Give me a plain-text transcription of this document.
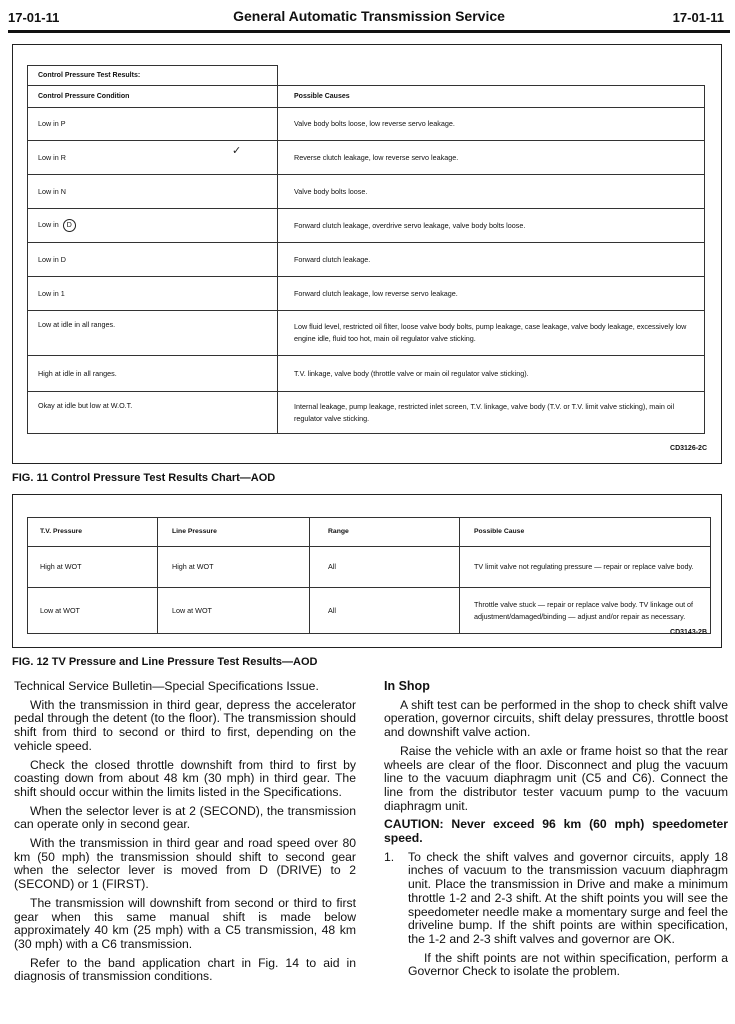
17-01-11	General Automatic Transmission Service	17-01-11
Control Pressure Test Results:	
Control Pressure Condition	Possible Causes
Low in P	Valve body bolts loose, low reverse servo leakage.
Low in R	Reverse clutch leakage, low reverse servo leakage.
Low in N	Valve body bolts loose.
Low in D	Forward clutch leakage, overdrive servo leakage, valve body bolts loose.
Low in D	Forward clutch leakage.
Low in 1	Forward clutch leakage, low reverse servo leakage.
Low at idle in all ranges.	Low fluid level, restricted oil filter, loose valve body bolts, pump leakage, case leakage, valve body leakage, excessively low engine idle, fluid too hot, main oil regulator valve sticking.
High at idle in all ranges.	T.V. linkage, valve body (throttle valve or main oil regulator valve sticking).
Okay at idle but low at W.O.T.	Internal leakage, pump leakage, restricted inlet screen, T.V. linkage, valve body (T.V. or T.V. limit valve sticking), main oil regulator valve sticking.
CD3126-2C
✓
FIG. 11 Control Pressure Test Results Chart—AOD
T.V. Pressure	Line Pressure	Range	Possible Cause
High at WOT	High at WOT	All	TV limit valve not regulating pressure — repair or replace valve body.
Low at WOT	Low at WOT	All	Throttle valve stuck — repair or replace valve body. TV linkage out of adjustment/damaged/binding — adjust and/or repair as necessary.
CD3143-2B
FIG. 12 TV Pressure and Line Pressure Test Results—AOD

Technical Service Bulletin—Special Specifications Issue.

With the transmission in third gear, depress the accelerator pedal through the detent (to the floor). The transmission should shift from third to second or third to first, depending on the vehicle speed.

Check the closed throttle downshift from third to first by coasting down from about 48 km (30 mph) in third gear. The shift should occur within the limits listed in the Specifications.

When the selector lever is at 2 (SECOND), the transmission can operate only in second gear.

With the transmission in third gear and road speed over 80 km (50 mph) the transmission should shift to second gear when the selector lever is moved from D (DRIVE) to 2 (SECOND) or 1 (FIRST).

The transmission will downshift from second or third to first gear when this same manual shift is made below approximately 40 km (25 mph) with a C5 transmission, 48 km (30 mph) with a C6 transmission.

Refer to the band application chart in Fig. 14 to aid in diagnosis of transmission conditions.

In Shop

A shift test can be performed in the shop to check shift valve operation, governor circuits, shift delay pressures, throttle boost and downshift valve action.

Raise the vehicle with an axle or frame hoist so that the rear wheels are clear of the floor. Disconnect and plug the vacuum line to the vacuum diaphragm unit (C5 and C6). Connect the line from the distributor tester vacuum pump to the vacuum diaphragm unit.

CAUTION: Never exceed 96 km (60 mph) speedometer speed.
1.	To check the shift valves and governor circuits, apply 18 inches of vacuum to the transmission vacuum diaphragm unit. Place the transmission in Drive and make a minimum throttle 1-2 and 2-3 shift. At the shift points you will see the speedometer needle make a momentary surge and feel the driveline bump. If the shift points are within specification, the 1-2 and 2-3 shift valves and governor are OK.

If the shift points are not within specification, perform a Governor Check to isolate the problem.
